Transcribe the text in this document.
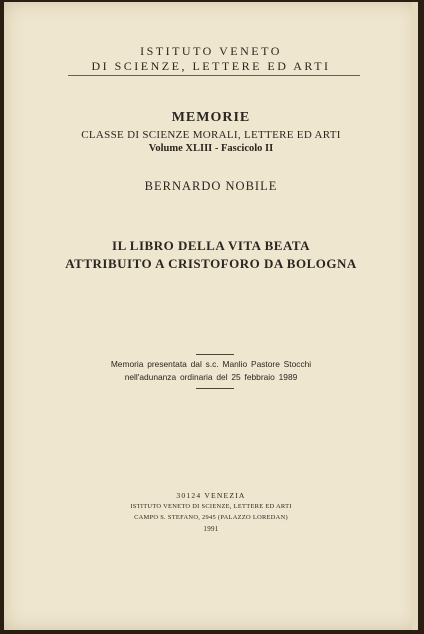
ISTITUTO VENETO
DI SCIENZE, LETTERE ED ARTI
MEMORIE
CLASSE DI SCIENZE MORALI, LETTERE ED ARTI
Volume XLIII - Fascicolo II
BERNARDO NOBILE
IL LIBRO DELLA VITA BEATA
ATTRIBUITO A CRISTOFORO DA BOLOGNA
Memoria presentata dal s.c. Manlio Pastore Stocchi
nell'adunanza ordinaria del 25 febbraio 1989
30124 VENEZIA
ISTITUTO VENETO DI SCIENZE, LETTERE ED ARTI
CAMPO S. STEFANO, 2945 (PALAZZO LOREDAN)
1991
